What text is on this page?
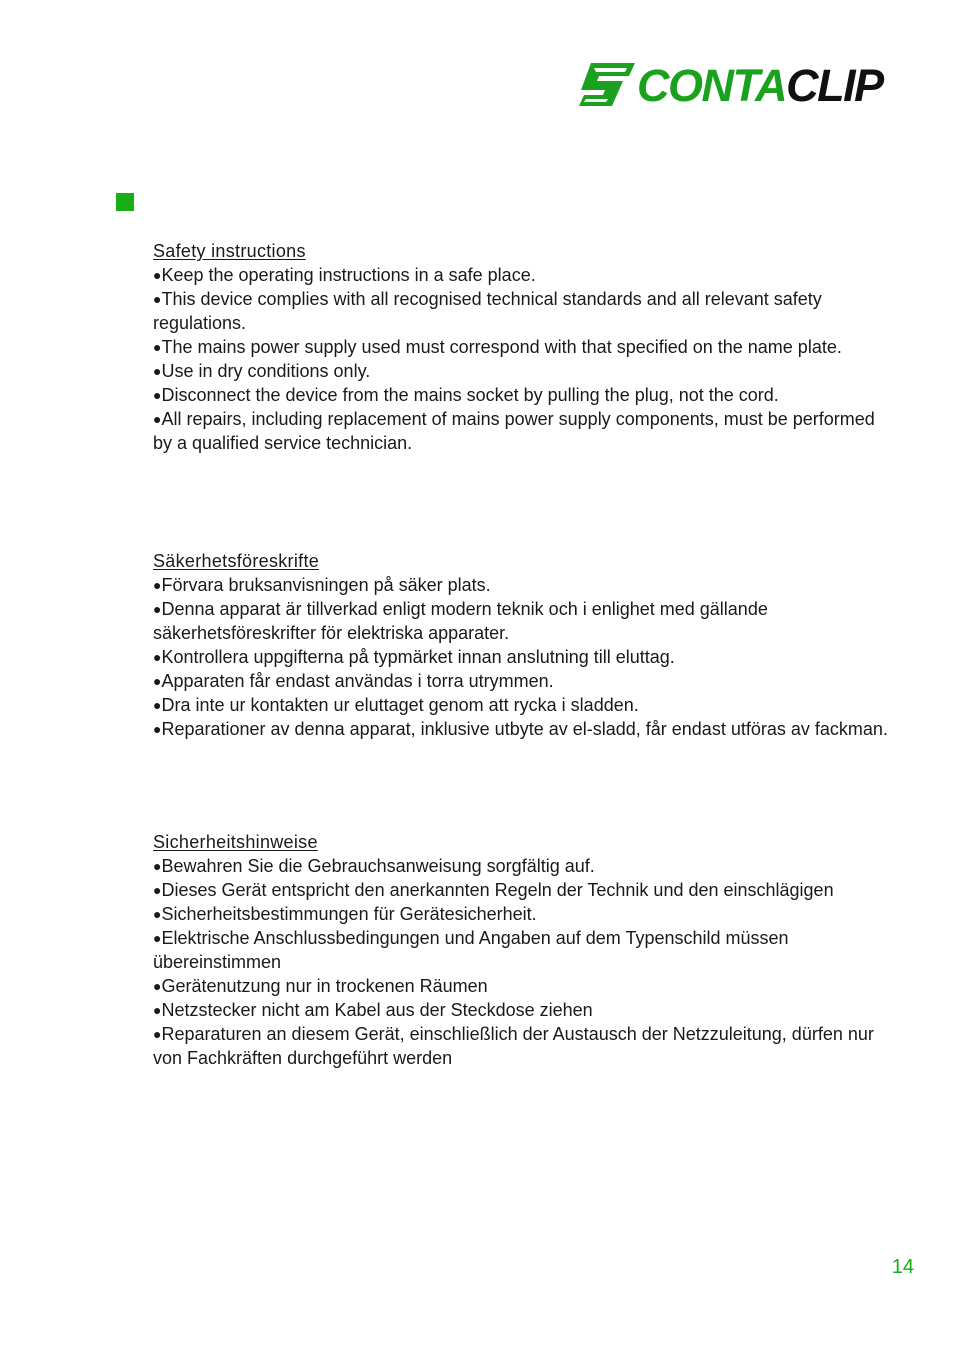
CONTACLIP
Safety instructions
●Keep the operating instructions in a safe place.
●This device complies with all recognised technical standards and all relevant safety regulations.
●The mains power supply used must correspond with that specified on the name plate.
●Use in dry conditions only.
●Disconnect the device from the mains socket by pulling the plug, not the cord.
●All repairs, including replacement of mains power supply components, must be performed by a qualified service technician.
Säkerhetsföreskrifte
●Förvara bruksanvisningen på säker plats.
●Denna apparat är tillverkad enligt modern teknik och i enlighet med gällande säkerhetsföreskrifter för elektriska apparater.
●Kontrollera uppgifterna på typmärket innan anslutning till eluttag.
●Apparaten får endast användas i torra utrymmen.
●Dra inte ur kontakten ur eluttaget genom att rycka i sladden.
●Reparationer av denna apparat, inklusive utbyte av el-sladd, får endast utföras av fackman.
Sicherheitshinweise
●Bewahren Sie die Gebrauchsanweisung sorgfältig auf.
●Dieses Gerät entspricht den anerkannten Regeln der Technik und den einschlägigen
●Sicherheitsbestimmungen für Gerätesicherheit.
●Elektrische Anschlussbedingungen und Angaben auf dem Typenschild müssen übereinstimmen
●Gerätenutzung nur in trockenen Räumen
●Netzstecker nicht am Kabel aus der Steckdose ziehen
●Reparaturen an diesem Gerät, einschließlich der Austausch der Netzzuleitung, dürfen nur von Fachkräften durchgeführt werden
14
